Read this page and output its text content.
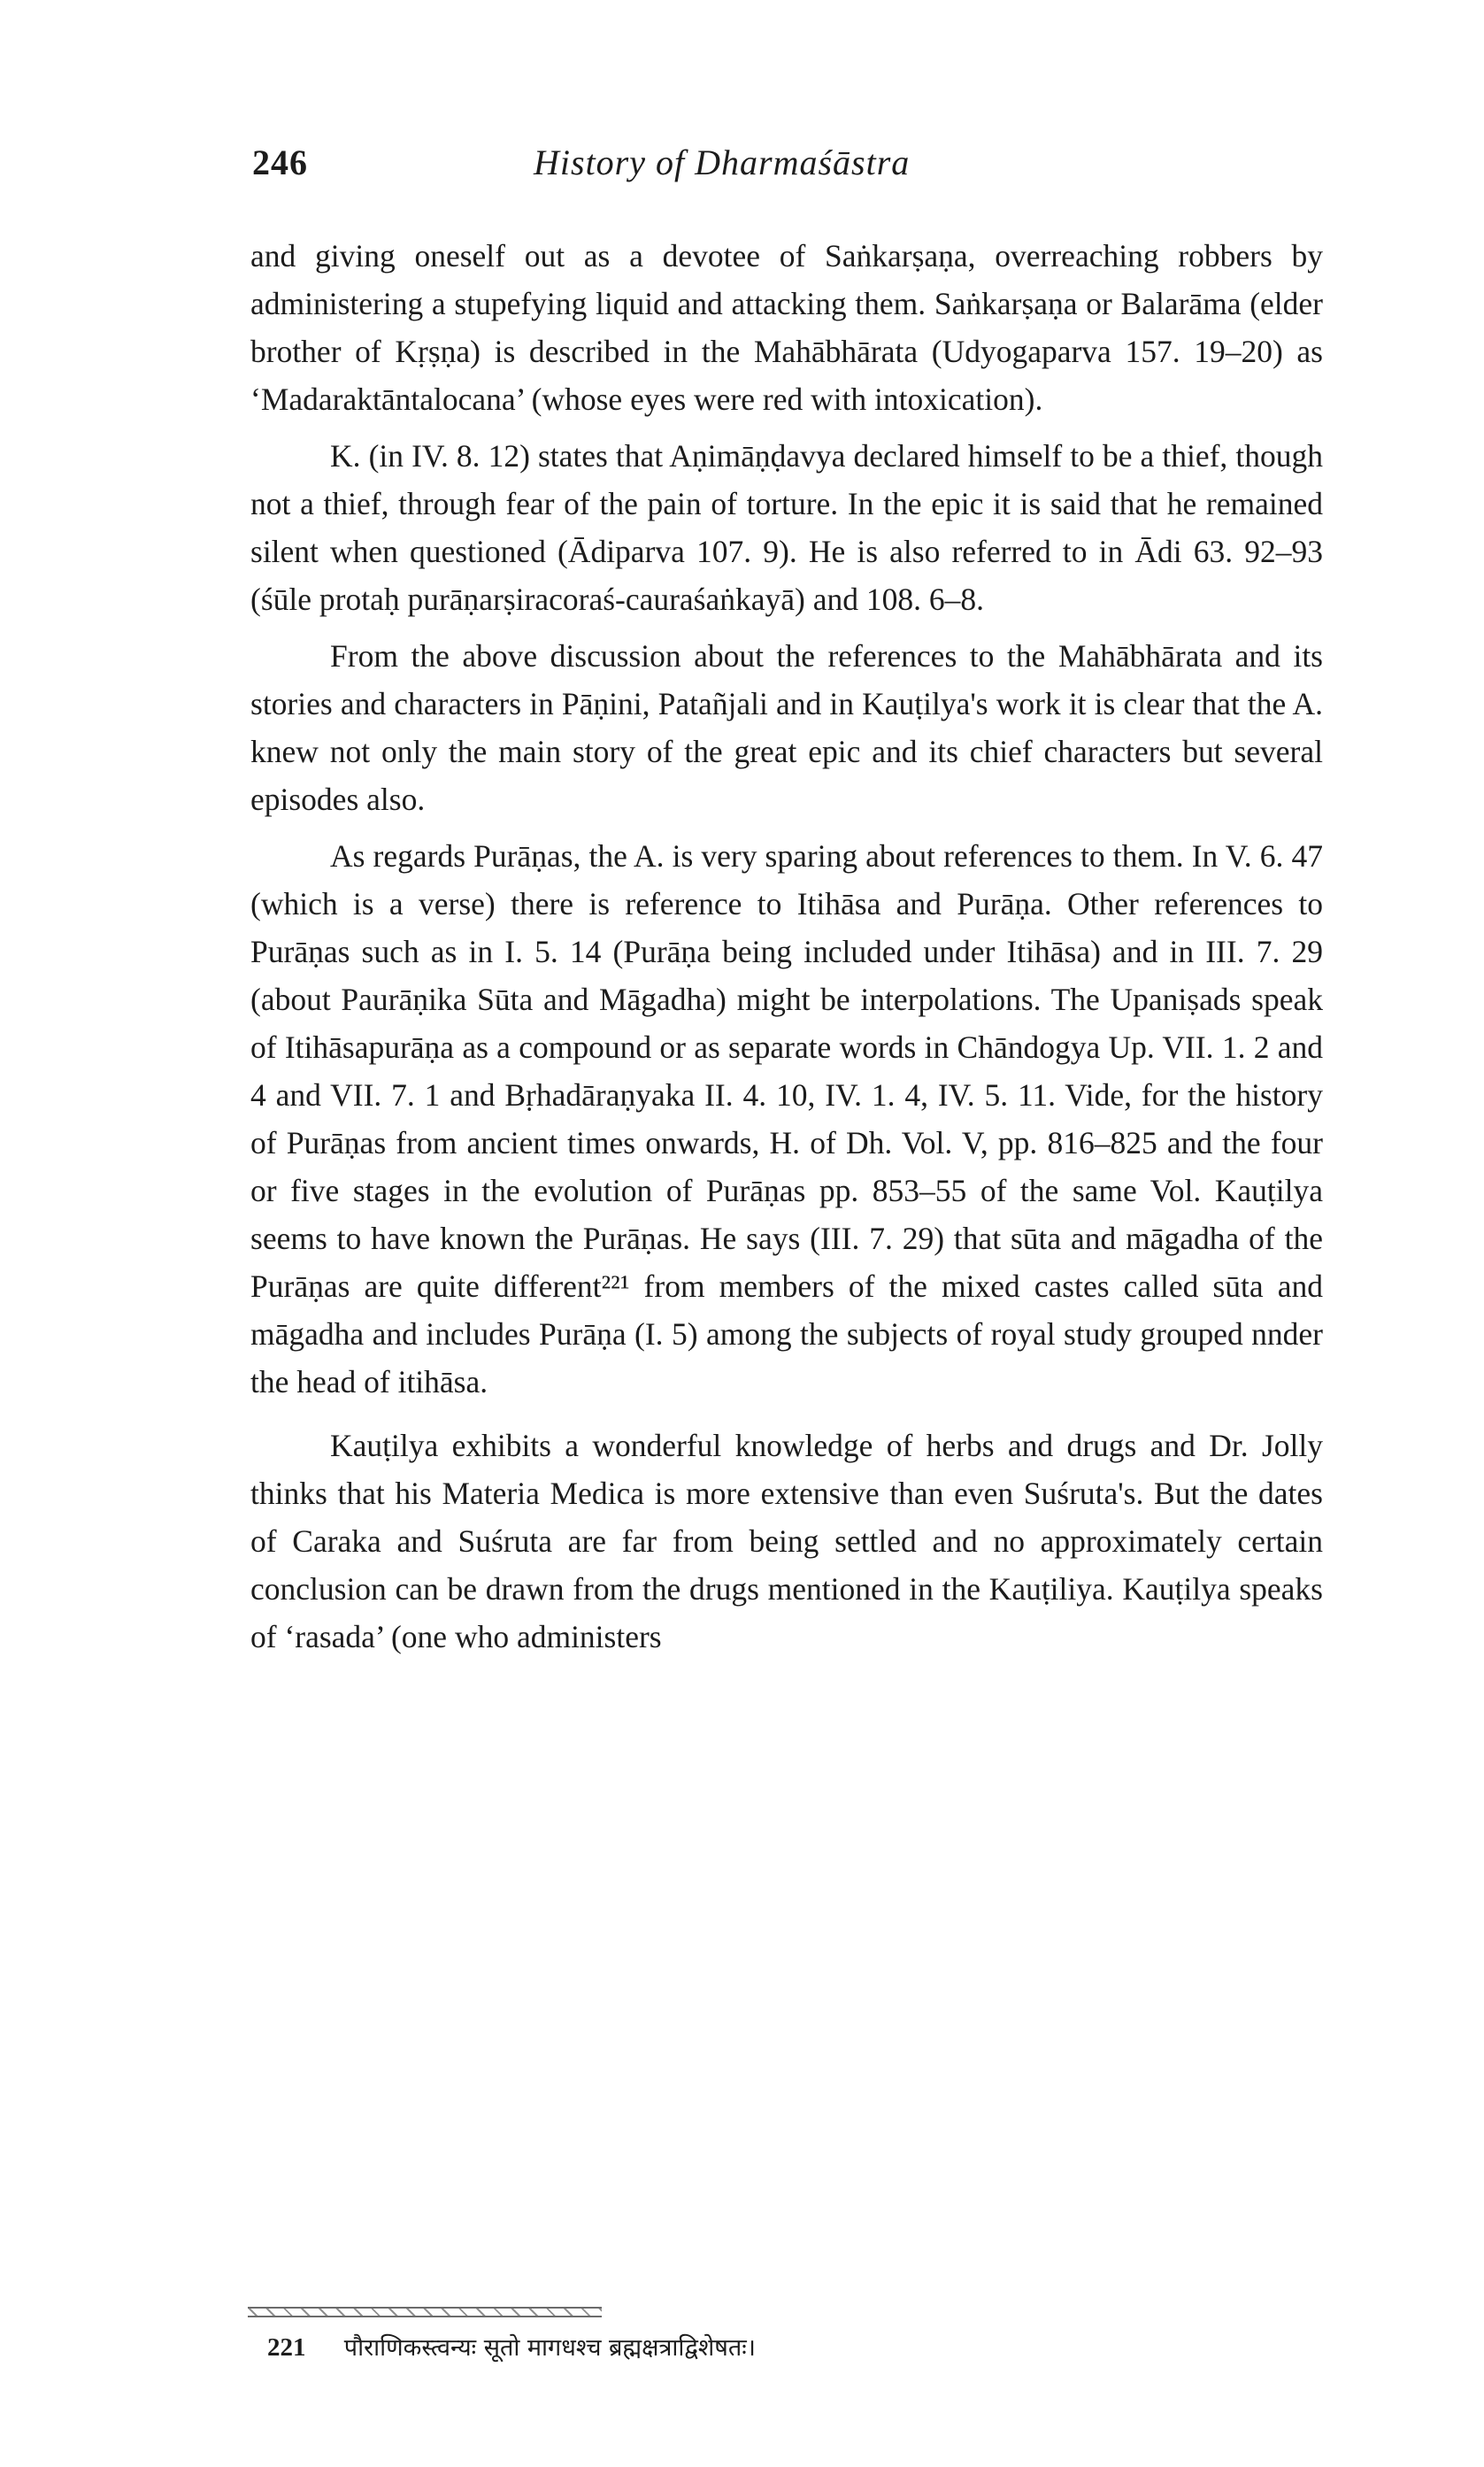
246	History of Dharmaśāstra

and giving oneself out as a devotee of Saṅkarṣaṇa, overreaching robbers by administering a stupefying liquid and attacking them. Saṅkarṣaṇa or Balarāma (elder brother of Kṛṣṇa) is described in the Mahābhārata (Udyogaparva 157. 19–20) as ‘Madaraktāntalocana’ (whose eyes were red with intoxication).

K. (in IV. 8. 12) states that Aṇimāṇḍavya declared himself to be a thief, though not a thief, through fear of the pain of torture. In the epic it is said that he remained silent when questioned (Ādiparva 107. 9). He is also referred to in Ādi 63. 92–93 (śūle protaḥ purāṇarṣiracoraś-cauraśaṅkayā) and 108. 6–8.

From the above discussion about the references to the Mahābhārata and its stories and characters in Pāṇini, Patañjali and in Kauṭilya's work it is clear that the A. knew not only the main story of the great epic and its chief characters but several episodes also.

As regards Purāṇas, the A. is very sparing about references to them. In V. 6. 47 (which is a verse) there is reference to Itihāsa and Purāṇa. Other references to Purāṇas such as in I. 5. 14 (Purāṇa being included under Itihāsa) and in III. 7. 29 (about Paurāṇika Sūta and Māgadha) might be interpolations. The Upaniṣads speak of Itihāsapurāṇa as a compound or as separate words in Chāndogya Up. VII. 1. 2 and 4 and VII. 7. 1 and Bṛhadāraṇyaka II. 4. 10, IV. 1. 4, IV. 5. 11. Vide, for the history of Purāṇas from ancient times onwards, H. of Dh. Vol. V, pp. 816–825 and the four or five stages in the evolution of Purāṇas pp. 853–55 of the same Vol. Kauṭilya seems to have known the Purāṇas. He says (III. 7. 29) that sūta and māgadha of the Purāṇas are quite different²²¹ from members of the mixed castes called sūta and māgadha and includes Purāṇa (I. 5) among the subjects of royal study grouped nnder the head of itihāsa.

Kauṭilya exhibits a wonderful knowledge of herbs and drugs and Dr. Jolly thinks that his Materia Medica is more extensive than even Suśruta's. But the dates of Caraka and Suśruta are far from being settled and no approximately certain conclusion can be drawn from the drugs mentioned in the Kauṭiliya. Kauṭilya speaks of ‘rasada’ (one who administers

221 पौराणिकस्त्वन्यः सूतो मागधश्च ब्रह्मक्षत्राद्विशेषतः।
